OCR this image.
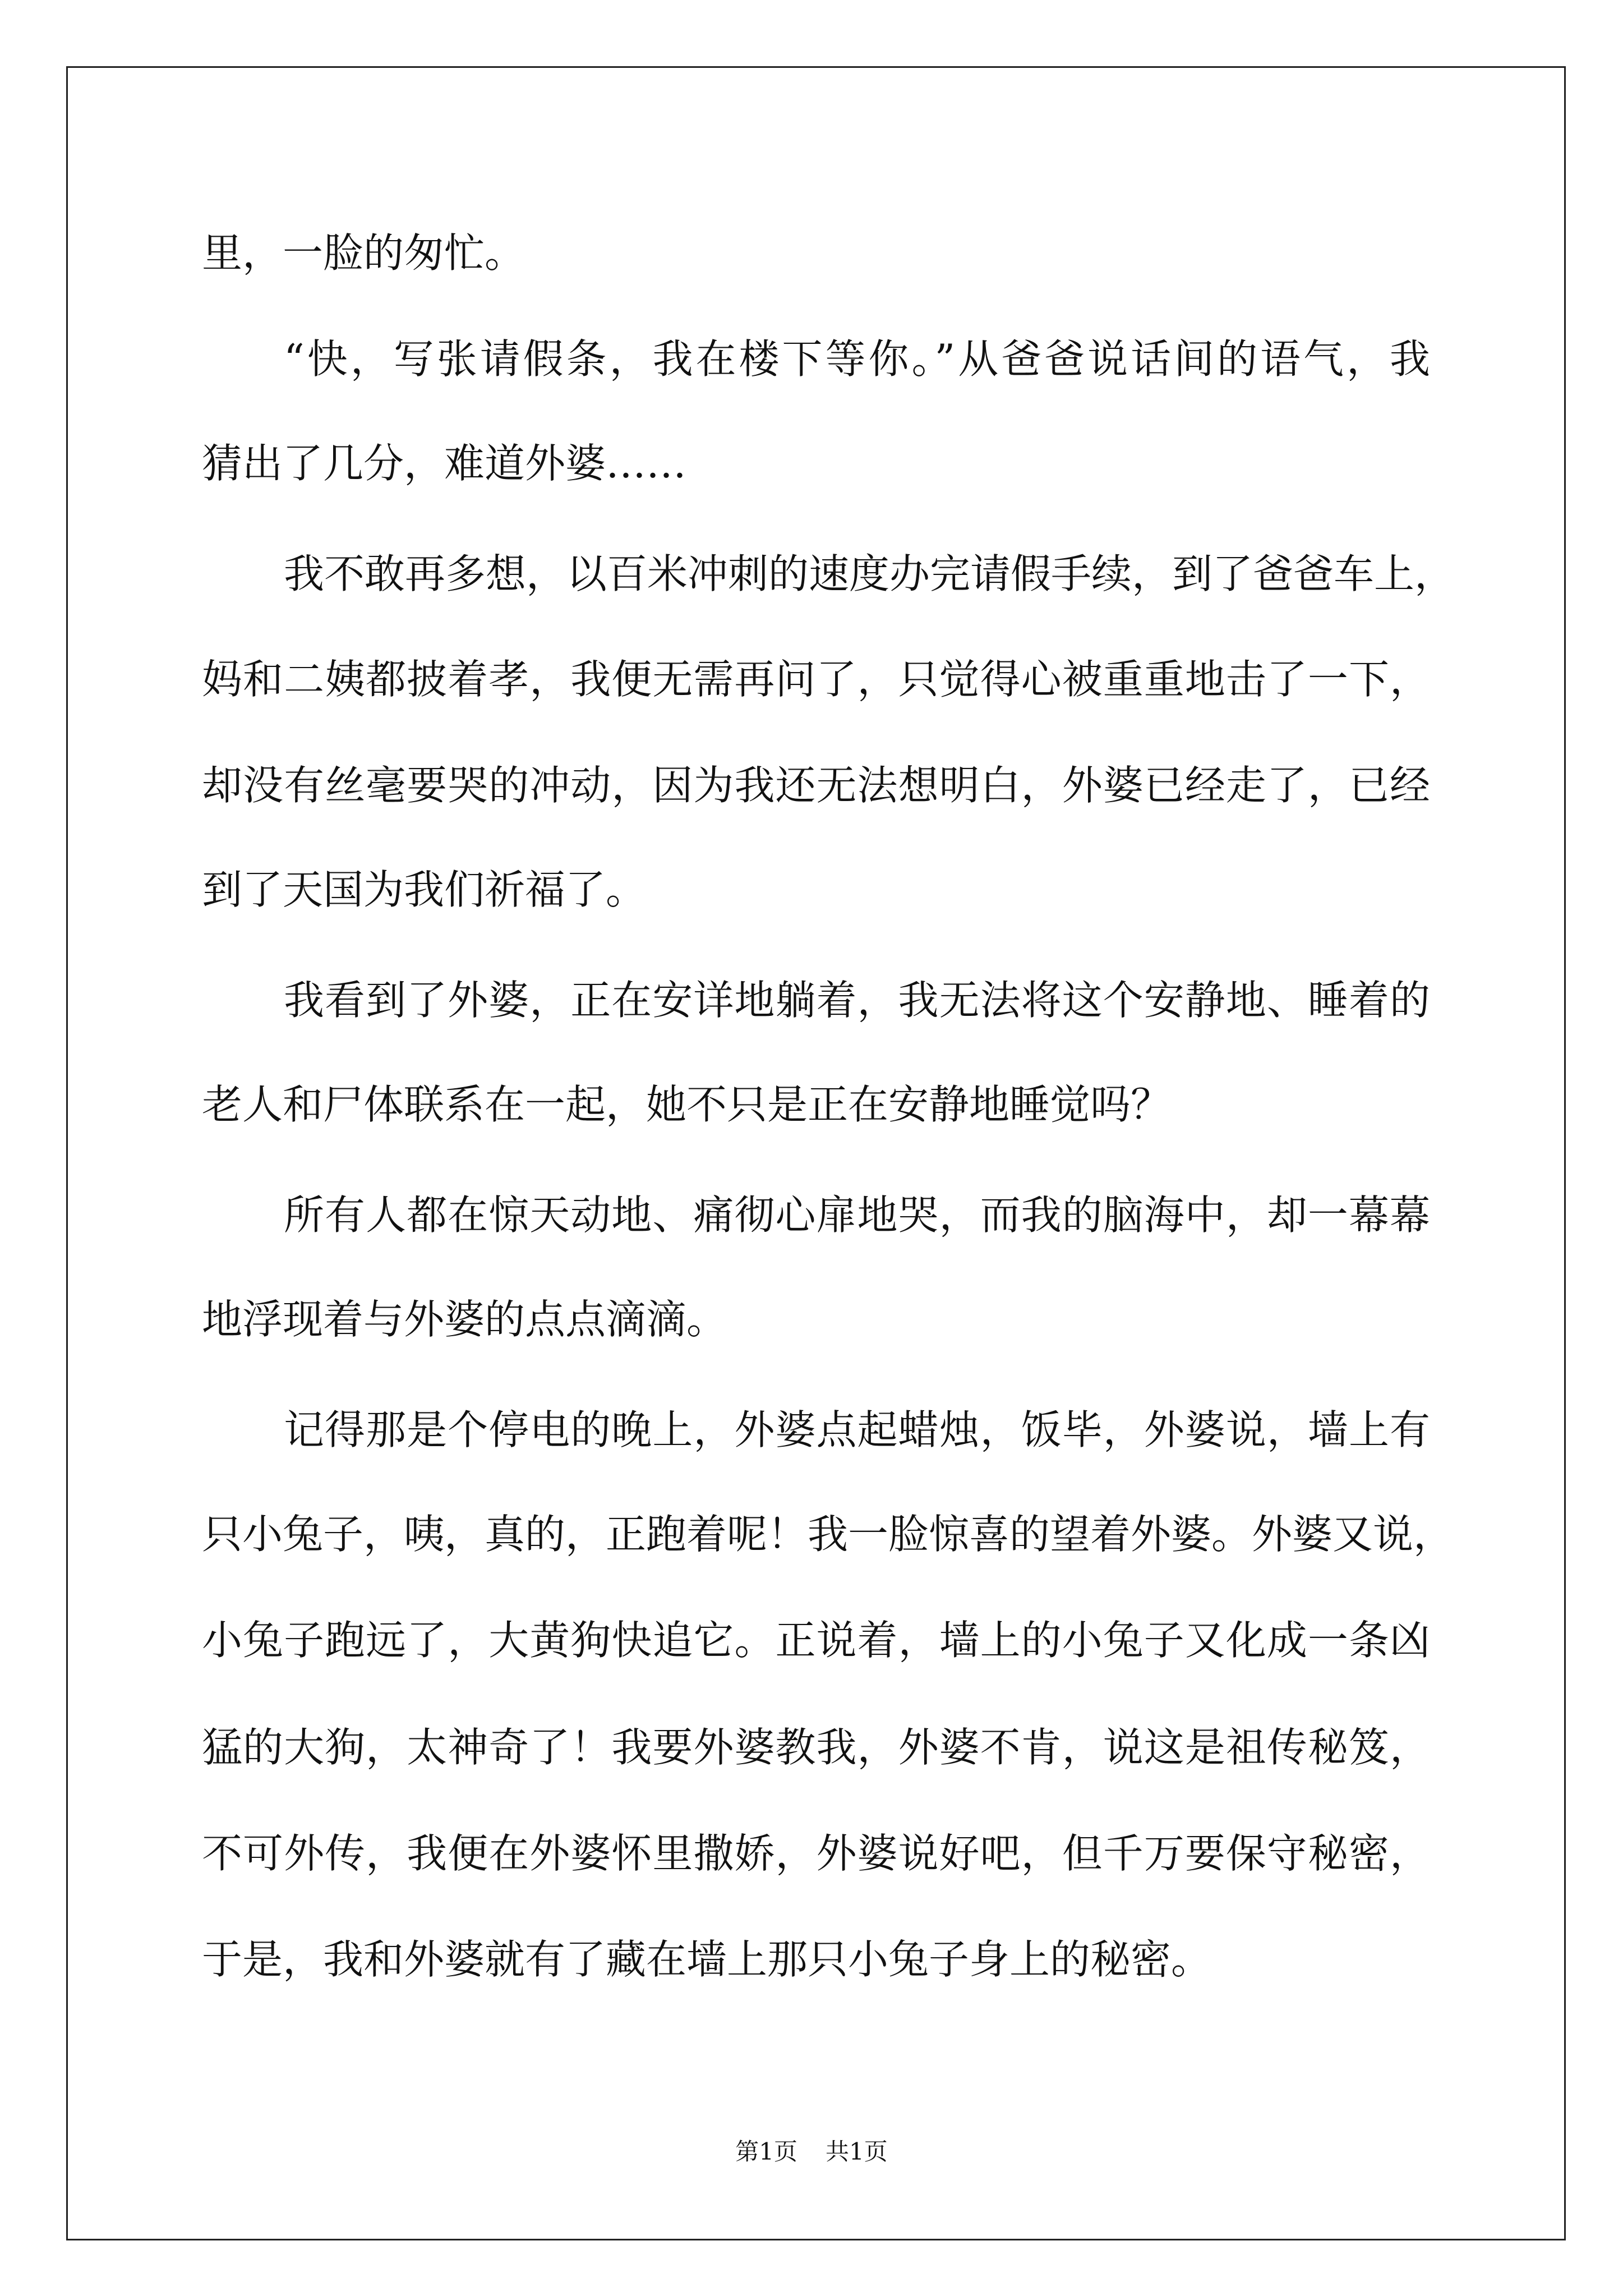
里，一脸的匆忙。
“快，写张请假条，我在楼下等你。”从爸爸说话间的语气，我
猜出了几分，难道外婆……
我不敢再多想，以百米冲刺的速度办完请假手续，到了爸爸车上，
妈和二姨都披着孝，我便无需再问了，只觉得心被重重地击了一下，
却没有丝毫要哭的冲动，因为我还无法想明白，外婆已经走了，已经
到了天国为我们祈福了。
我看到了外婆，正在安详地躺着，我无法将这个安静地、睡着的
老人和尸体联系在一起，她不只是正在安静地睡觉吗？
所有人都在惊天动地、痛彻心扉地哭，而我的脑海中，却一幕幕
地浮现着与外婆的点点滴滴。
记得那是个停电的晚上，外婆点起蜡烛，饭毕，外婆说，墙上有
只小兔子，咦，真的，正跑着呢！我一脸惊喜的望着外婆。外婆又说，
小兔子跑远了，大黄狗快追它。正说着，墙上的小兔子又化成一条凶
猛的大狗，太神奇了！我要外婆教我，外婆不肯，说这是祖传秘笈，
不可外传，我便在外婆怀里撒娇，外婆说好吧，但千万要保守秘密，
于是，我和外婆就有了藏在墙上那只小兔子身上的秘密。
第1页 共1页
